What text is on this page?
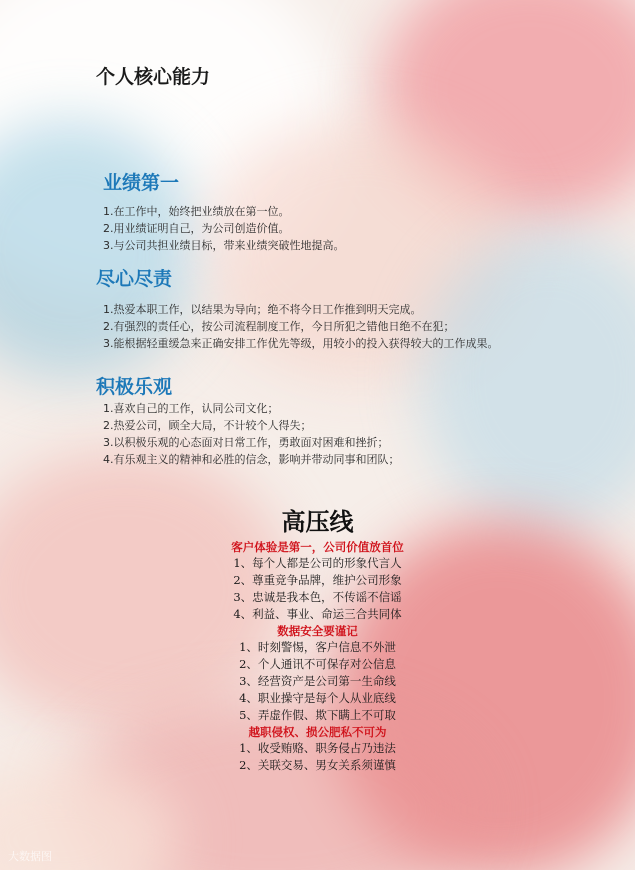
个人核心能力
业绩第一
1.在工作中，始终把业绩放在第一位。
2.用业绩证明自己，为公司创造价值。
3.与公司共担业绩目标，带来业绩突破性地提高。
尽心尽责
1.热爱本职工作，以结果为导向；绝不将今日工作推到明天完成。
2.有强烈的责任心，按公司流程制度工作，今日所犯之错他日绝不在犯；
3.能根据轻重缓急来正确安排工作优先等级，用较小的投入获得较大的工作成果。
积极乐观
1.喜欢自己的工作，认同公司文化；
2.热爱公司，顾全大局，不计较个人得失；
3.以积极乐观的心态面对日常工作，勇敢面对困难和挫折；
4.有乐观主义的精神和必胜的信念，影响并带动同事和团队；
高压线

客户体验是第一，公司价值放首位

1、每个人都是公司的形象代言人
2、尊重竞争品牌，维护公司形象
3、忠诚是我本色，不传谣不信谣
4、利益、事业、命运三合共同体

数据安全要谨记

1、时刻警惕，客户信息不外泄
2、个人通讯不可保存对公信息
3、经营资产是公司第一生命线
4、职业操守是每个人从业底线
5、弄虚作假、欺下瞒上不可取

越职侵权、损公肥私不可为

1、收受贿赂、职务侵占乃违法
2、关联交易、男女关系须谨慎
大数据图
